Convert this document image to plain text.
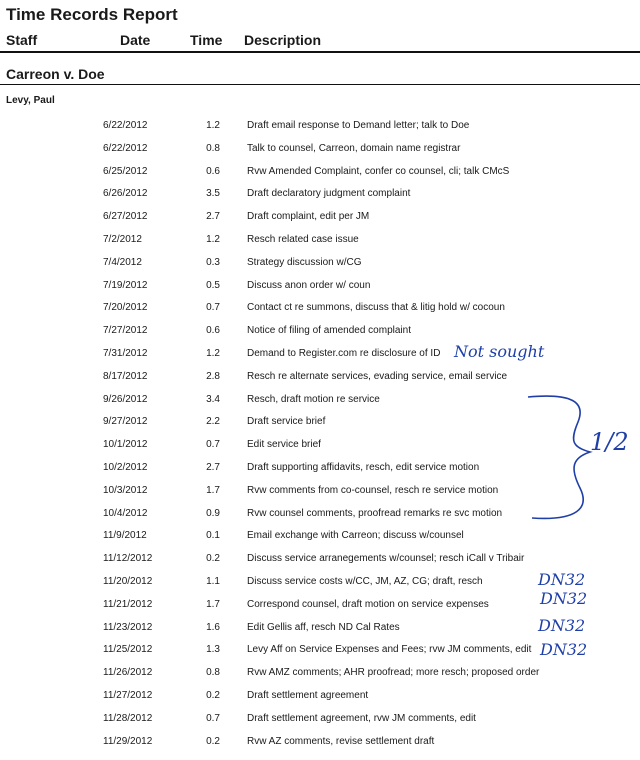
Time Records Report
Staff	Date	Time Description
Carreon v. Doe
Levy, Paul
6/22/2012	1.2	Draft email response to Demand letter; talk to Doe
6/22/2012	0.8	Talk to counsel, Carreon, domain name registrar
6/25/2012	0.6	Rvw Amended Complaint, confer co counsel, cli; talk CMcS
6/26/2012	3.5	Draft declaratory judgment complaint
6/27/2012	2.7	Draft complaint, edit per JM
7/2/2012	1.2	Resch related case issue
7/4/2012	0.3	Strategy discussion w/CG
7/19/2012	0.5	Discuss anon order w/ coun
7/20/2012	0.7	Contact ct re summons, discuss that & litig hold w/ cocoun
7/27/2012	0.6	Notice of filing of amended complaint
7/31/2012	1.2	Demand to Register.com re disclosure of ID
8/17/2012	2.8	Resch re alternate services, evading service, email service
9/26/2012	3.4	Resch, draft motion re service
9/27/2012	2.2	Draft service brief
10/1/2012	0.7	Edit service brief
10/2/2012	2.7	Draft supporting affidavits, resch, edit service motion
10/3/2012	1.7	Rvw comments from co-counsel, resch re service motion
10/4/2012	0.9	Rvw counsel comments, proofread remarks re svc motion
11/9/2012	0.1	Email exchange with Carreon; discuss w/counsel
11/12/2012	0.2	Discuss service arranegements w/counsel; resch iCall v Tribair
11/20/2012	1.1	Discuss service costs w/CC, JM, AZ, CG; draft, resch
11/21/2012	1.7	Correspond counsel, draft motion on service expenses
11/23/2012	1.6	Edit Gellis aff, resch ND Cal Rates
11/25/2012	1.3	Levy Aff on Service Expenses and Fees; rvw JM comments, edit
11/26/2012	0.8	Rvw AMZ comments; AHR proofread; more resch; proposed order
11/27/2012	0.2	Draft settlement agreement
11/28/2012	0.7	Draft settlement agreement, rvw JM comments, edit
11/29/2012	0.2	Rvw AZ comments, revise settlement draft
Not sought
1/2
DN32
DN32
DN32
DN32
